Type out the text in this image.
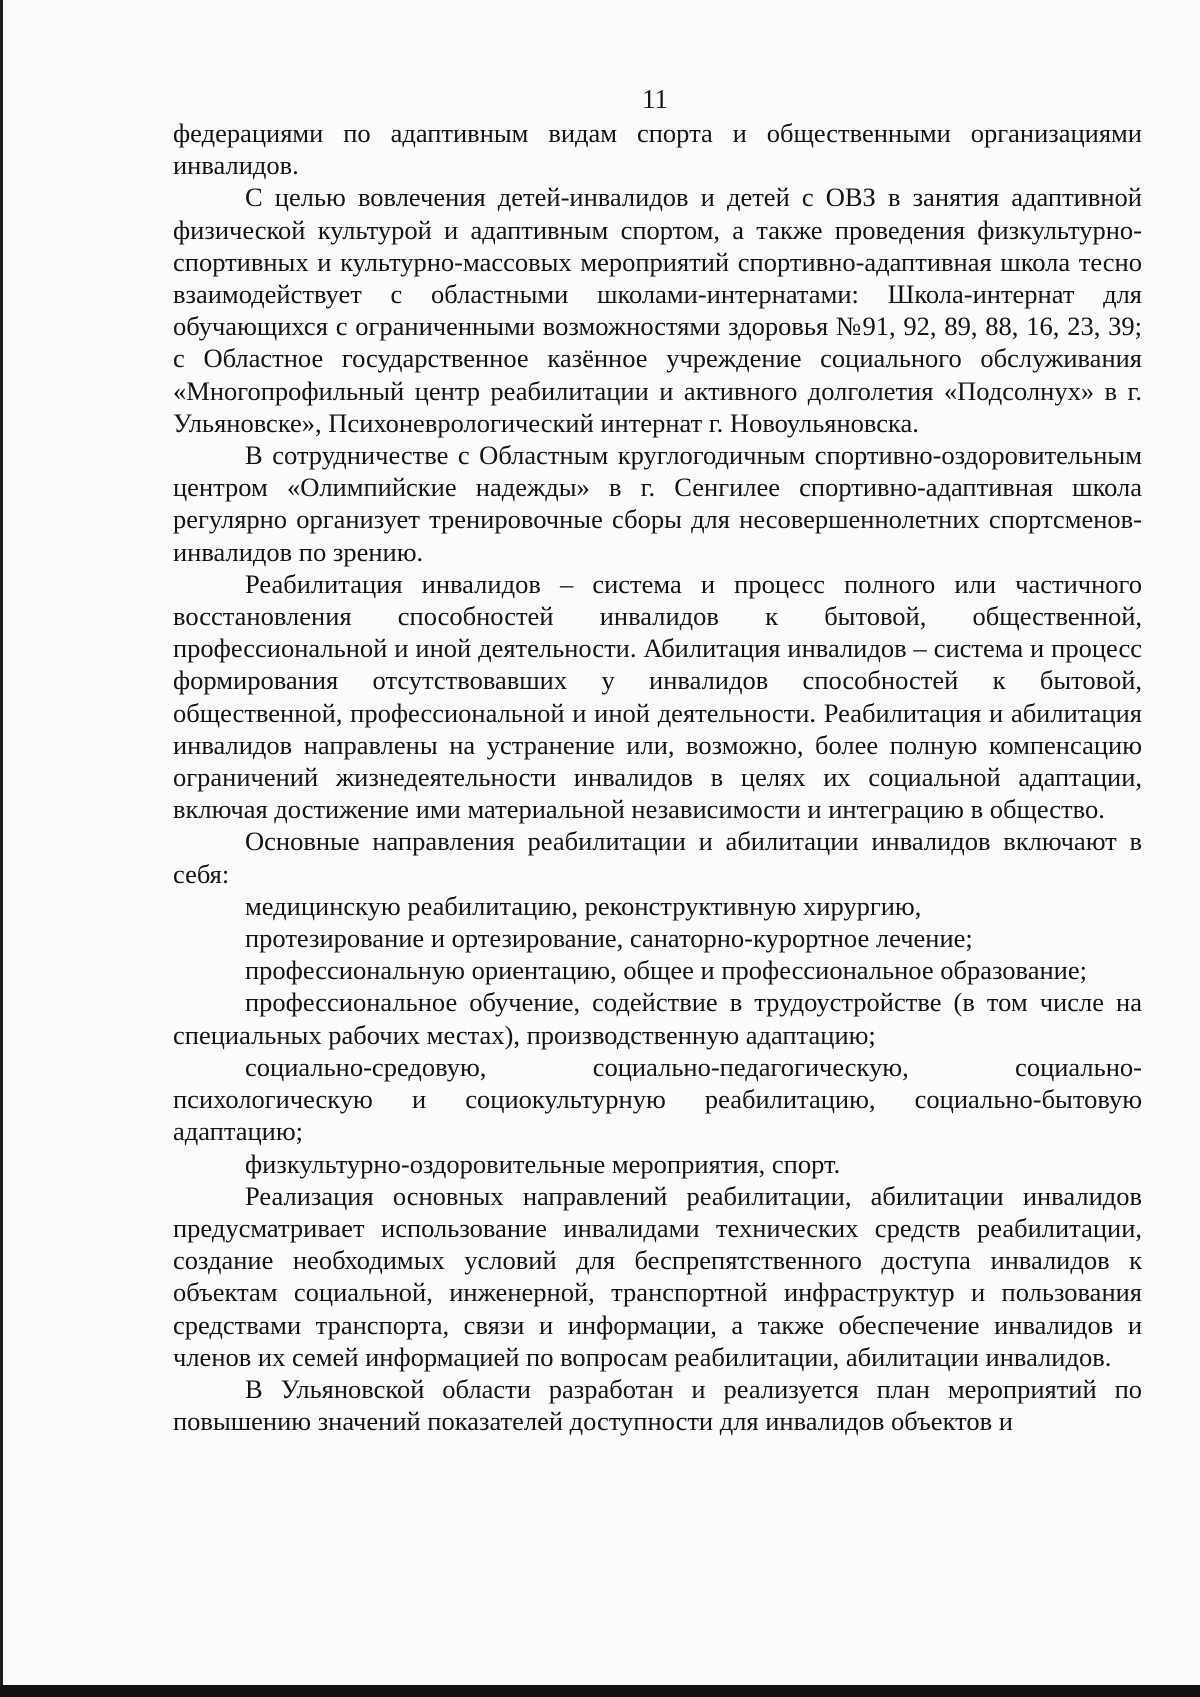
11

федерациями по адаптивным видам спорта и общественными организациями инвалидов.

С целью вовлечения детей-инвалидов и детей с ОВЗ в занятия адаптивной физической культурой и адаптивным спортом, а также проведения физкультурно-спортивных и культурно-массовых мероприятий спортивно-адаптивная школа тесно взаимодействует с областными школами-интернатами: Школа-интернат для обучающихся с ограниченными возможностями здоровья №91, 92, 89, 88, 16, 23, 39; с Областное государственное казённое учреждение социального обслуживания «Многопрофильный центр реабилитации и активного долголетия «Подсолнух» в г. Ульяновске», Психоневрологический интернат г. Новоульяновска.

В сотрудничестве с Областным круглогодичным спортивно-оздоровительным центром «Олимпийские надежды» в г. Сенгилее спортивно-адаптивная школа регулярно организует тренировочные сборы для несовершеннолетних спортсменов-инвалидов по зрению.

Реабилитация инвалидов – система и процесс полного или частичного восстановления способностей инвалидов к бытовой, общественной, профессиональной и иной деятельности. Абилитация инвалидов – система и процесс формирования отсутствовавших у инвалидов способностей к бытовой, общественной, профессиональной и иной деятельности. Реабилитация и абилитация инвалидов направлены на устранение или, возможно, более полную компенсацию ограничений жизнедеятельности инвалидов в целях их социальной адаптации, включая достижение ими материальной независимости и интеграцию в общество.

Основные направления реабилитации и абилитации инвалидов включают в себя:

медицинскую реабилитацию, реконструктивную хирургию,

протезирование и ортезирование, санаторно-курортное лечение;

профессиональную ориентацию, общее и профессиональное образование;

профессиональное обучение, содействие в трудоустройстве (в том числе на специальных рабочих местах), производственную адаптацию;

социально-средовую, социально-педагогическую, социально-психологическую и социокультурную реабилитацию, социально-бытовую адаптацию;

физкультурно-оздоровительные мероприятия, спорт.

Реализация основных направлений реабилитации, абилитации инвалидов предусматривает использование инвалидами технических средств реабилитации, создание необходимых условий для беспрепятственного доступа инвалидов к объектам социальной, инженерной, транспортной инфраструктур и пользования средствами транспорта, связи и информации, а также обеспечение инвалидов и членов их семей информацией по вопросам реабилитации, абилитации инвалидов.

В Ульяновской области разработан и реализуется план мероприятий по повышению значений показателей доступности для инвалидов объектов и
